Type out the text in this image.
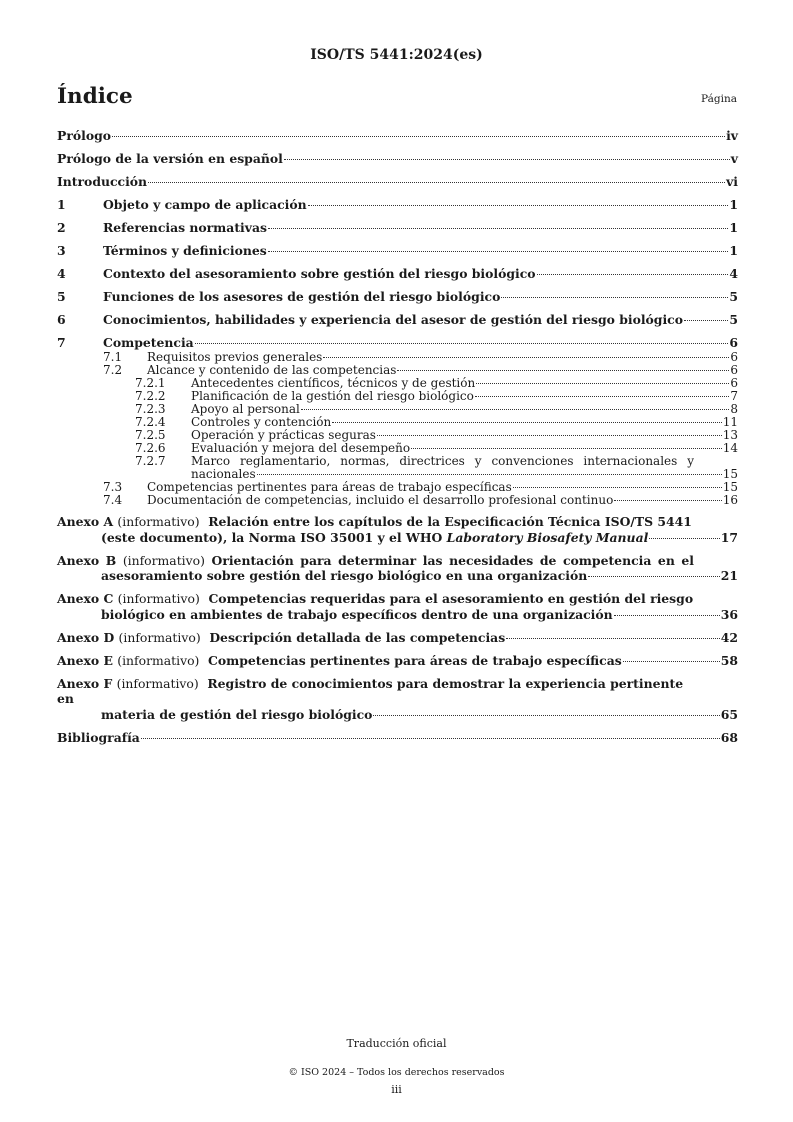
ISO/TS 5441:2024(es)
Índice	Página
Prólogo	iv
Prólogo de la versión en español	v
Introducción	vi
1	Objeto y campo de aplicación	1
2	Referencias normativas	1
3	Términos y definiciones	1
4	Contexto del asesoramiento sobre gestión del riesgo biológico	4
5	Funciones de los asesores de gestión del riesgo biológico	5
6	Conocimientos, habilidades y experiencia del asesor de gestión del riesgo biológico	5
7	Competencia	6
7.1 Requisitos previos generales	6
7.2 Alcance y contenido de las competencias	6
7.2.1 Antecedentes científicos, técnicos y de gestión	6
7.2.2 Planificación de la gestión del riesgo biológico	7
7.2.3 Apoyo al personal	8
7.2.4 Controles y contención	11
7.2.5 Operación y prácticas seguras	13
7.2.6 Evaluación y mejora del desempeño	14
7.2.7	Marco reglamentario, normas, directrices y convenciones internacionales y
nacionales	15
7.3 Competencias pertinentes para áreas de trabajo específicas	15
7.4 Documentación de competencias, incluido el desarrollo profesional continuo	16
Anexo A (informativo) Relación entre los capítulos de la Especificación Técnica ISO/TS 5441
(este documento), la Norma ISO 35001 y el WHO Laboratory Biosafety Manual	17
Anexo B (informativo) Orientación para determinar las necesidades de competencia en el
asesoramiento sobre gestión del riesgo biológico en una organización	21
Anexo C (informativo) Competencias requeridas para el asesoramiento en gestión del riesgo
biológico en ambientes de trabajo específicos dentro de una organización	36
Anexo D (informativo) Descripción detallada de las competencias	42
Anexo E (informativo) Competencias pertinentes para áreas de trabajo específicas	58
Anexo F (informativo) Registro de conocimientos para demostrar la experiencia pertinente en
materia de gestión del riesgo biológico	65
Bibliografía	68
Traducción oficial
© ISO 2024 – Todos los derechos reservados
iii
